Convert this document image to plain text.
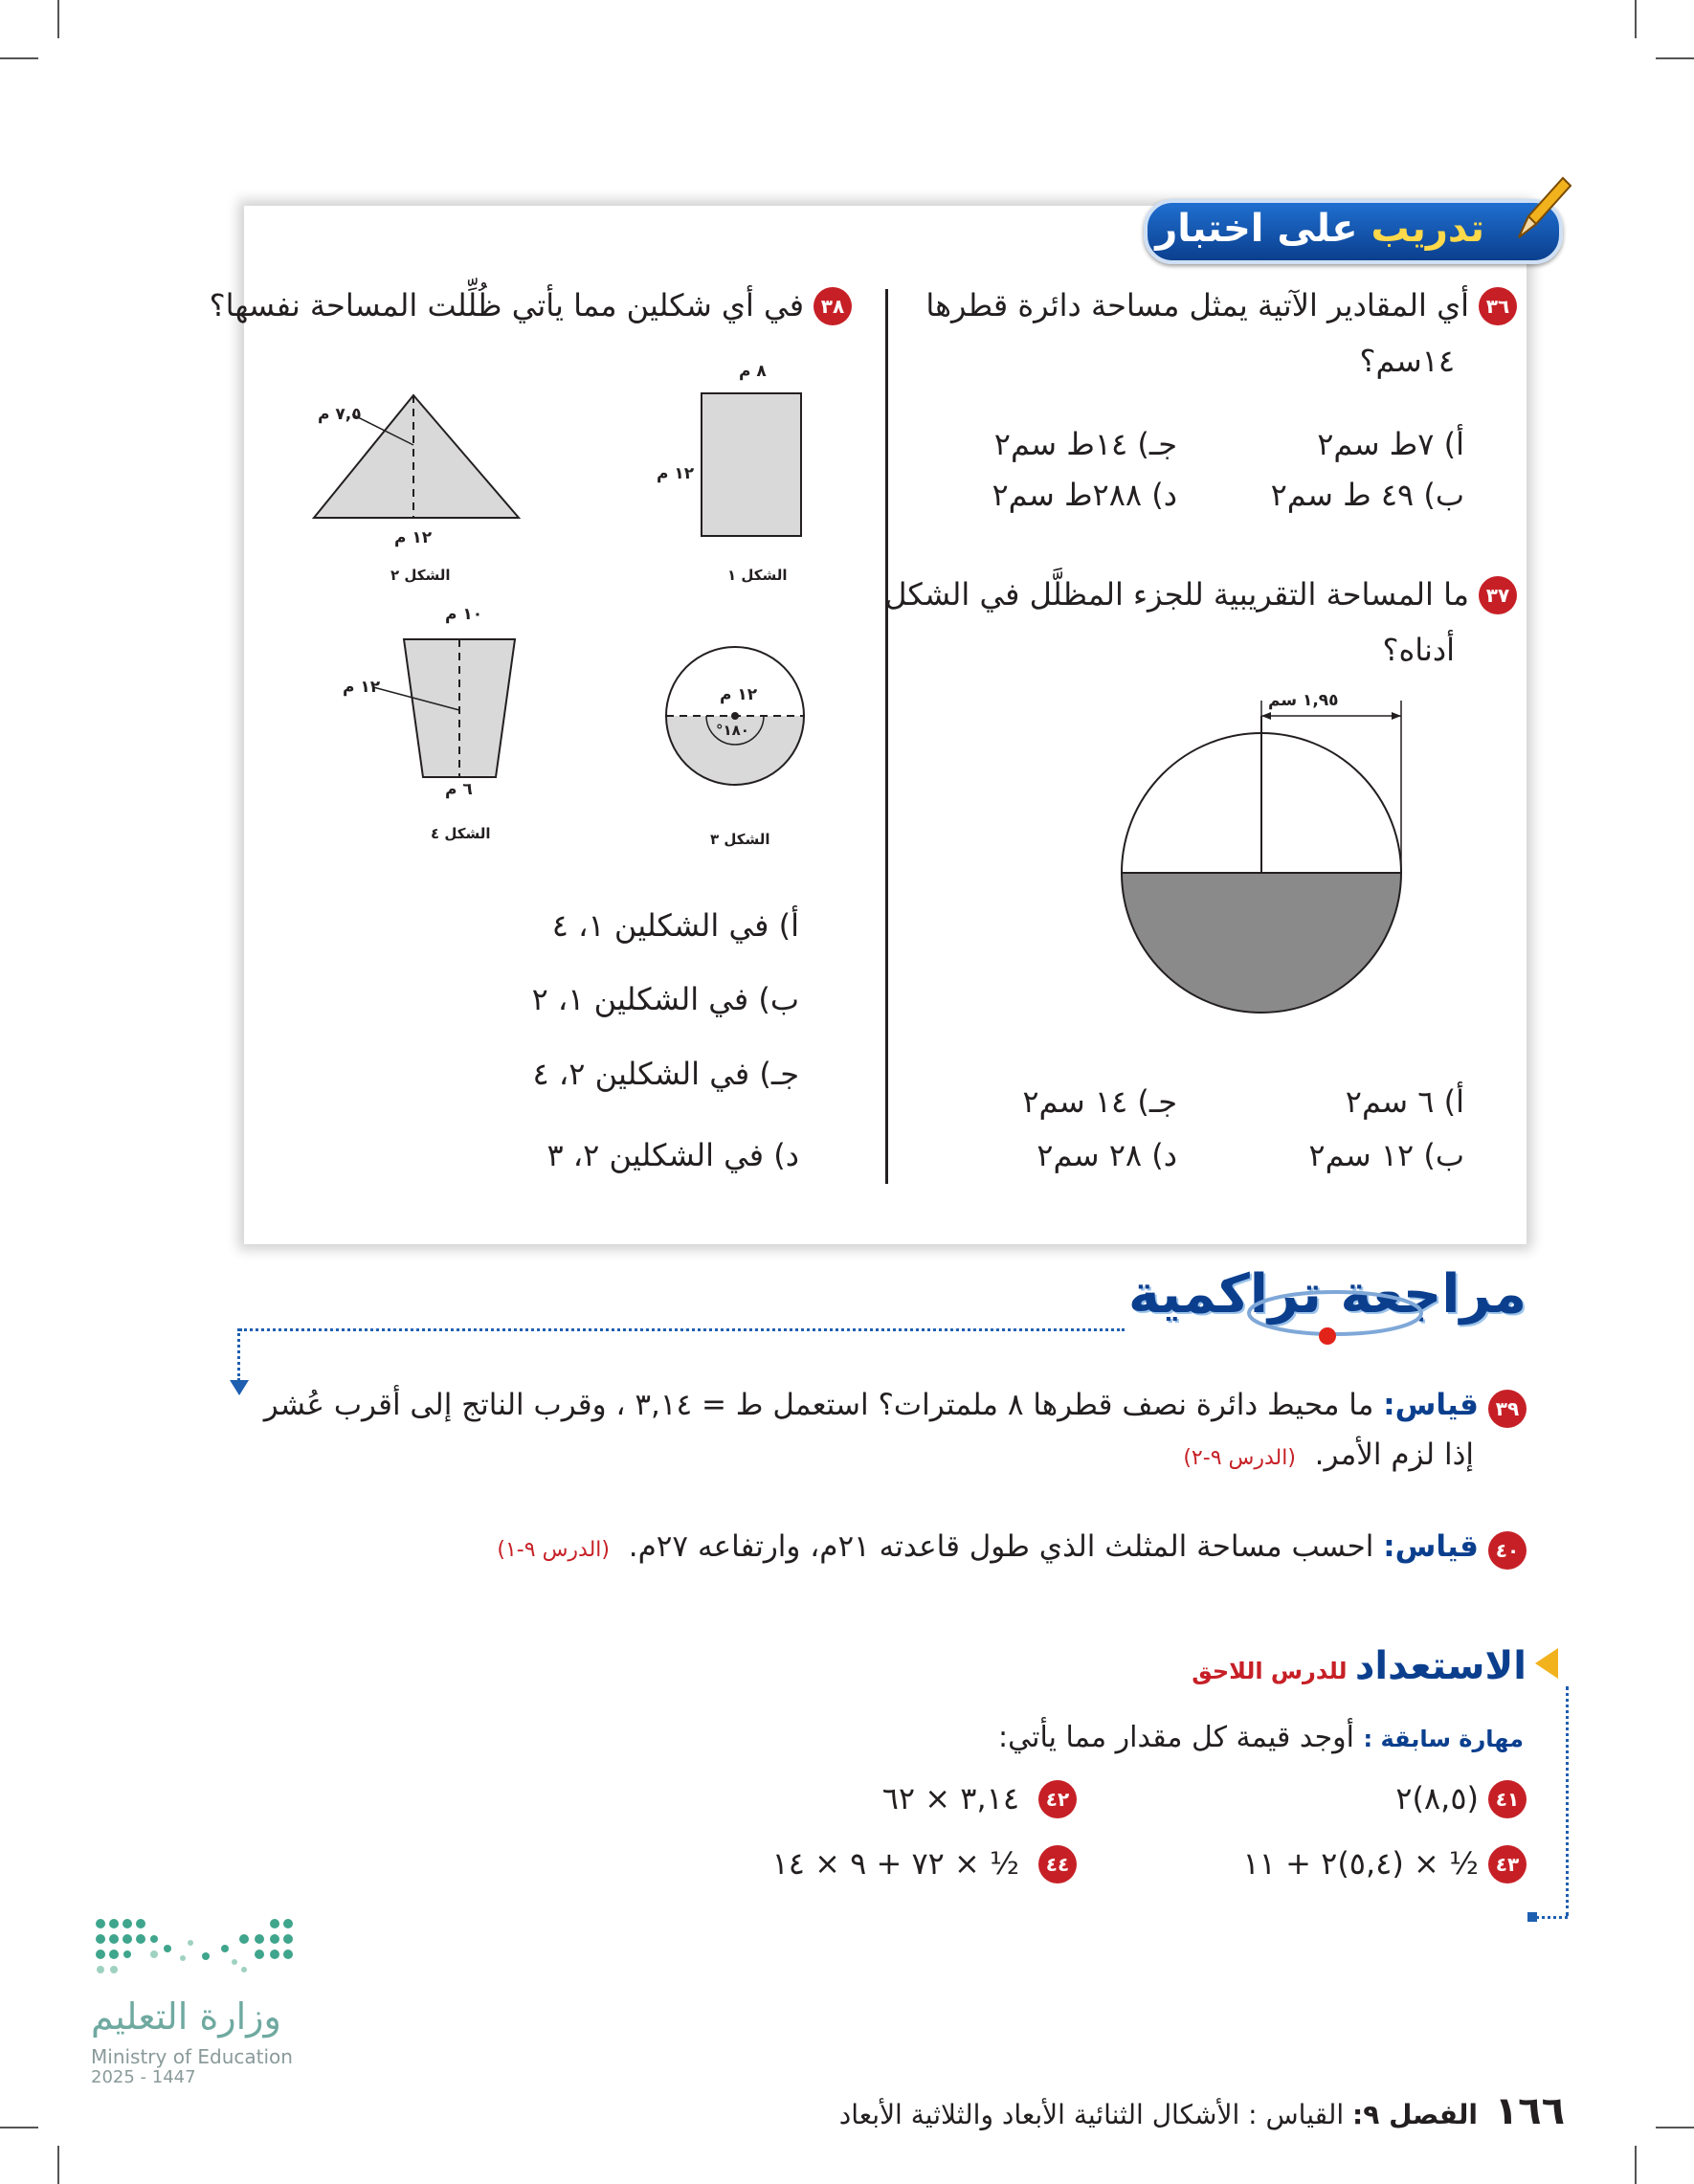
تدريب على اختبار
٣٦
أي المقادير الآتية يمثل مساحة دائرة قطرها
١٤سم؟
أ) ٧ط سم٢
ب) ٤٩ ط سم٢
جـ) ١٤ط سم٢
د) ٢٨٨ط سم٢
٣٧
ما المساحة التقريبية للجزء المظلَّل في الشكل
أدناه؟
١,٩٥ سم
أ) ٦ سم٢
ب) ١٢ سم٢
جـ) ١٤ سم٢
د) ٢٨ سم٢
٣٨
في أي شكلين مما يأتي ظُلِّلت المساحة نفسها؟
٨ م
١٢ م
الشكل ١
٧,٥ م
١٢ م
الشكل ٢
١٢ م
١٨٠°
الشكل ٣
١٠ م
١٢ م
٦ م
الشكل ٤
أ) في الشكلين ١، ٤
ب) في الشكلين ١، ٢
جـ) في الشكلين ٢، ٤
د) في الشكلين ٢، ٣
مراجعة تراكمية
٣٩
قياس: ما محيط دائرة نصف قطرها ٨ ملمترات؟ استعمل ط = ٣,١٤ ، وقرب الناتج إلى أقرب عُشر
إذا لزم الأمر.  (الدرس ٩-٢)
٤٠
قياس: احسب مساحة المثلث الذي طول قاعدته ٢١م، وارتفاعه ٢٧م.  (الدرس ٩-١)
الاستعداد للدرس اللاحق
مهارة سابقة : أوجد قيمة كل مقدار مما يأتي:
٤١
(٨,٥)٢
٤٢
٣,١٤ × ٦٢
٤٣
½ × (٥,٤)٢ + ١١
٤٤
½ × ٧٢ + ٩ × ١٤
وزارة التعليم
Ministry of Education
2025 - 1447
١٦٦  الفصل ٩: القياس : الأشكال الثنائية الأبعاد والثلاثية الأبعاد
